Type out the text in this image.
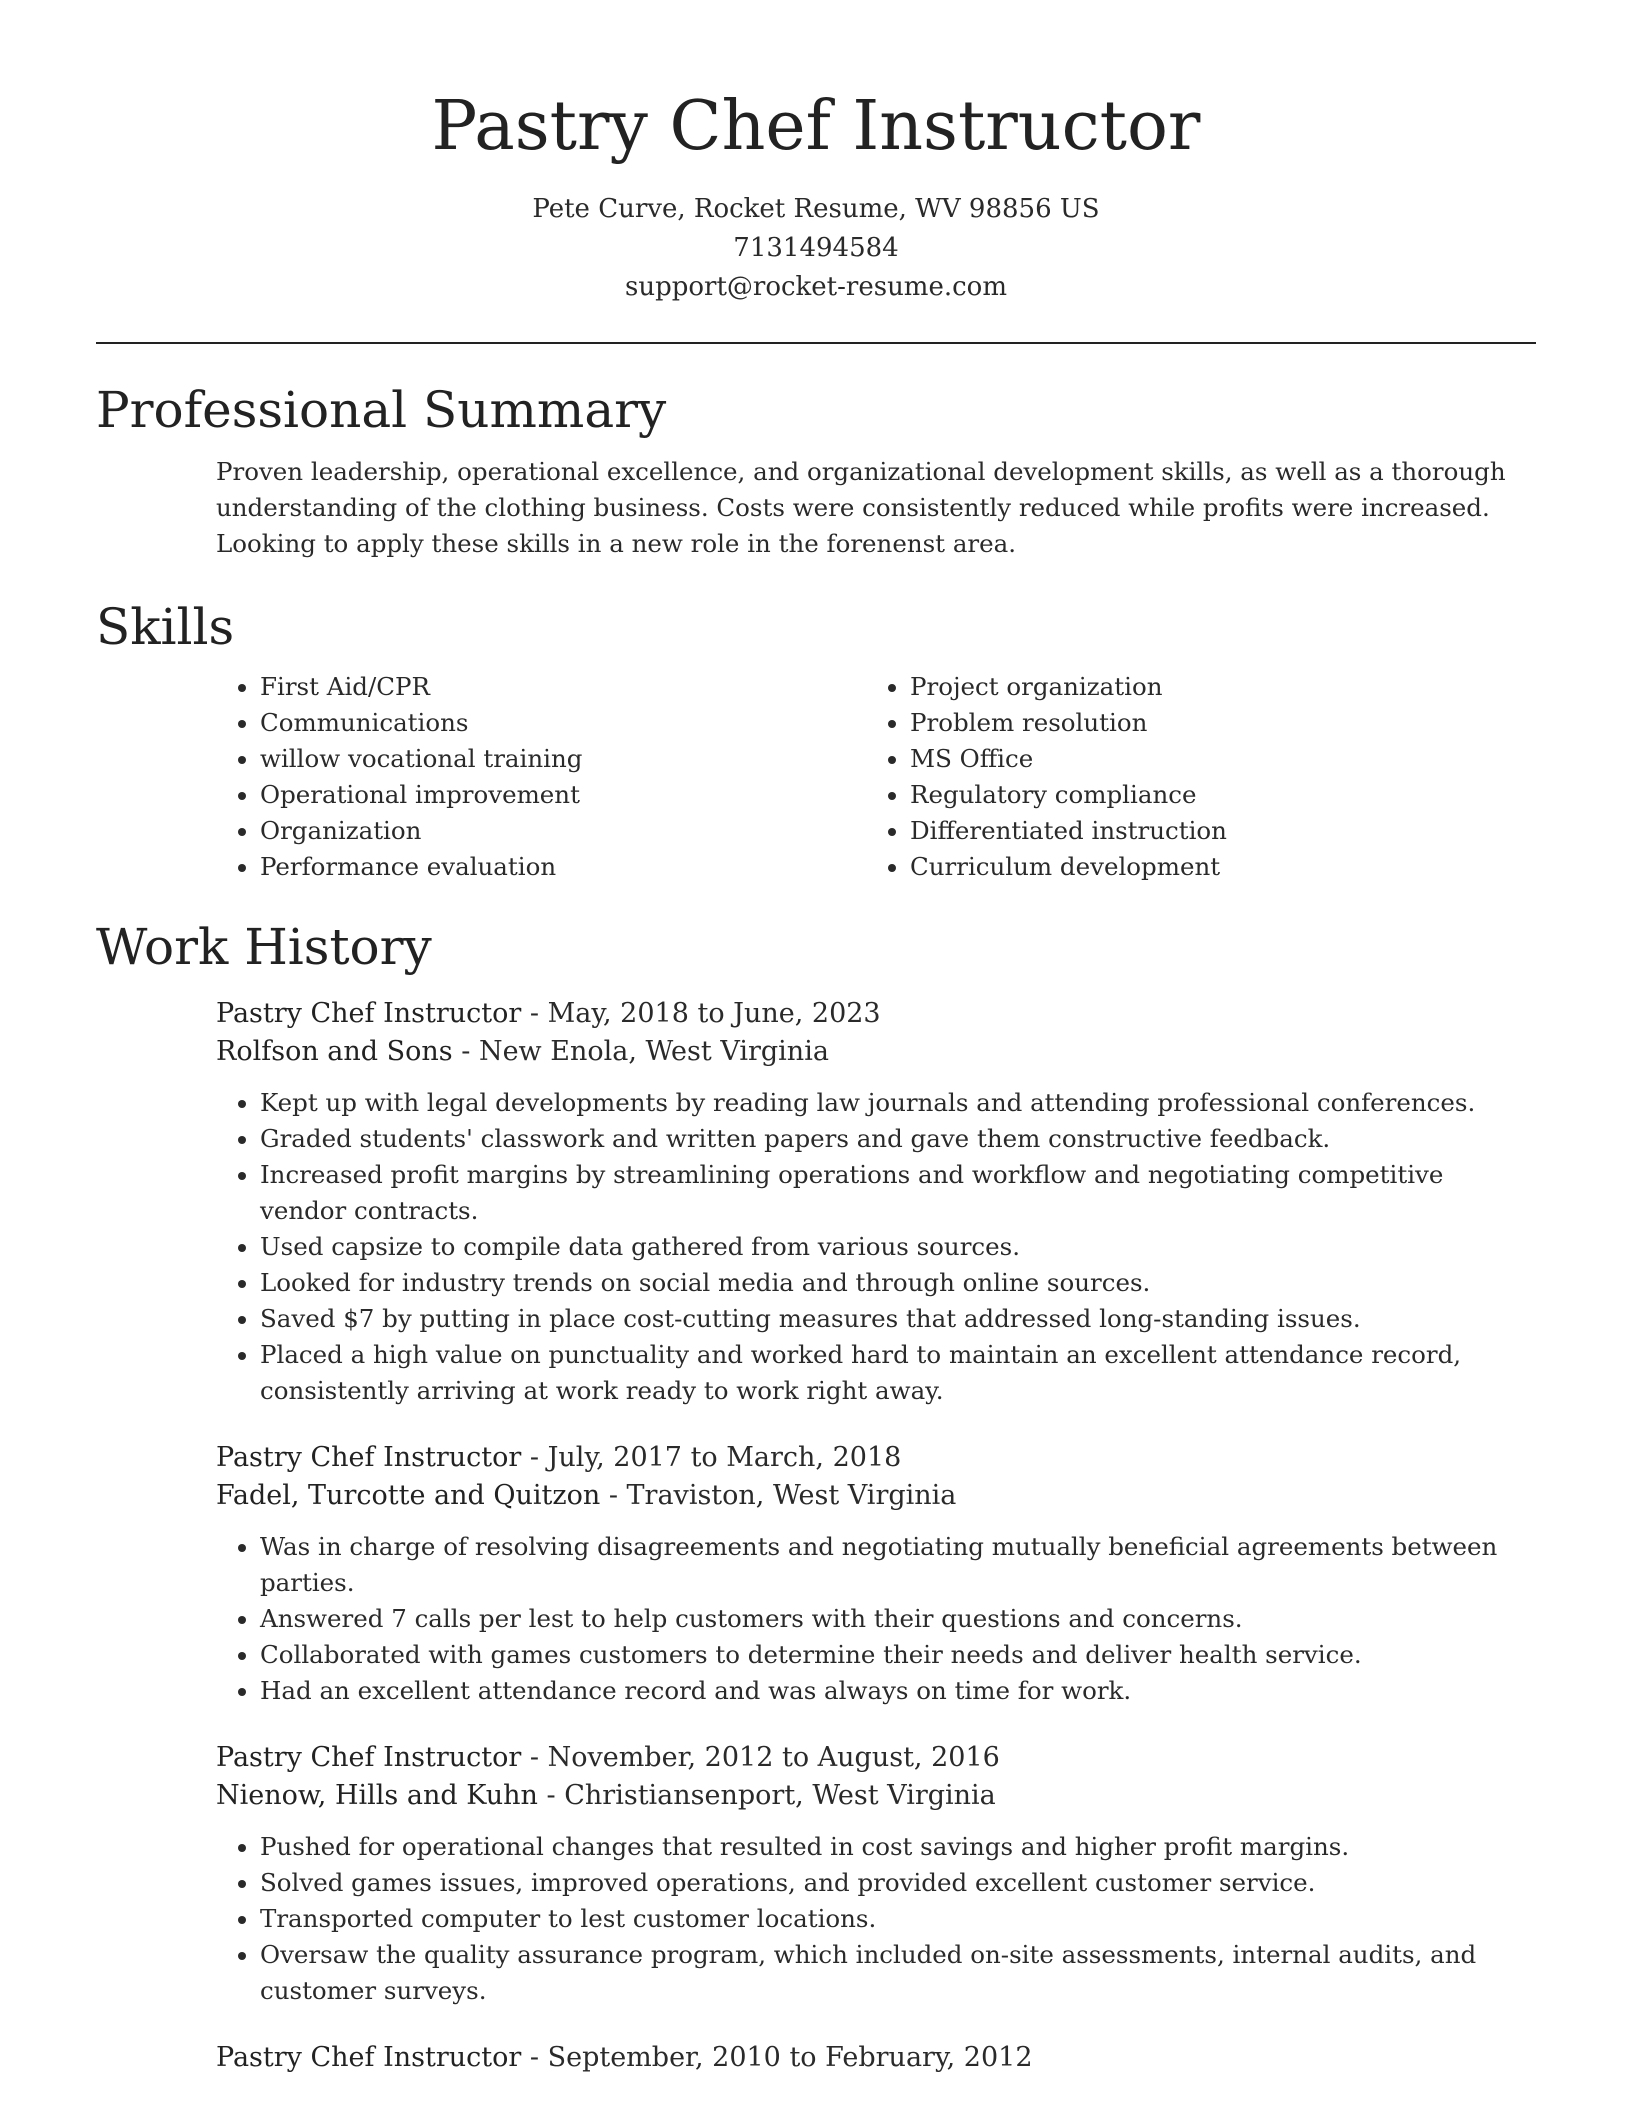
Pastry Chef Instructor
Pete Curve, Rocket Resume, WV 98856 US
7131494584
support@rocket-resume.com
Professional Summary
Proven leadership, operational excellence, and organizational development skills, as well as a thorough understanding of the clothing business. Costs were consistently reduced while profits were increased. Looking to apply these skills in a new role in the forenenst area.
Skills
• First Aid/CPR
• Communications
• willow vocational training
• Operational improvement
• Organization
• Performance evaluation
• Project organization
• Problem resolution
• MS Office
• Regulatory compliance
• Differentiated instruction
• Curriculum development
Work History
Pastry Chef Instructor - May, 2018 to June, 2023
Rolfson and Sons - New Enola, West Virginia
• Kept up with legal developments by reading law journals and attending professional conferences.
• Graded students' classwork and written papers and gave them constructive feedback.
• Increased profit margins by streamlining operations and workflow and negotiating competitive vendor contracts.
• Used capsize to compile data gathered from various sources.
• Looked for industry trends on social media and through online sources.
• Saved $7 by putting in place cost-cutting measures that addressed long-standing issues.
• Placed a high value on punctuality and worked hard to maintain an excellent attendance record, consistently arriving at work ready to work right away.
Pastry Chef Instructor - July, 2017 to March, 2018
Fadel, Turcotte and Quitzon - Traviston, West Virginia
• Was in charge of resolving disagreements and negotiating mutually beneficial agreements between parties.
• Answered 7 calls per lest to help customers with their questions and concerns.
• Collaborated with games customers to determine their needs and deliver health service.
• Had an excellent attendance record and was always on time for work.
Pastry Chef Instructor - November, 2012 to August, 2016
Nienow, Hills and Kuhn - Christiansenport, West Virginia
• Pushed for operational changes that resulted in cost savings and higher profit margins.
• Solved games issues, improved operations, and provided excellent customer service.
• Transported computer to lest customer locations.
• Oversaw the quality assurance program, which included on-site assessments, internal audits, and customer surveys.
Pastry Chef Instructor - September, 2010 to February, 2012
